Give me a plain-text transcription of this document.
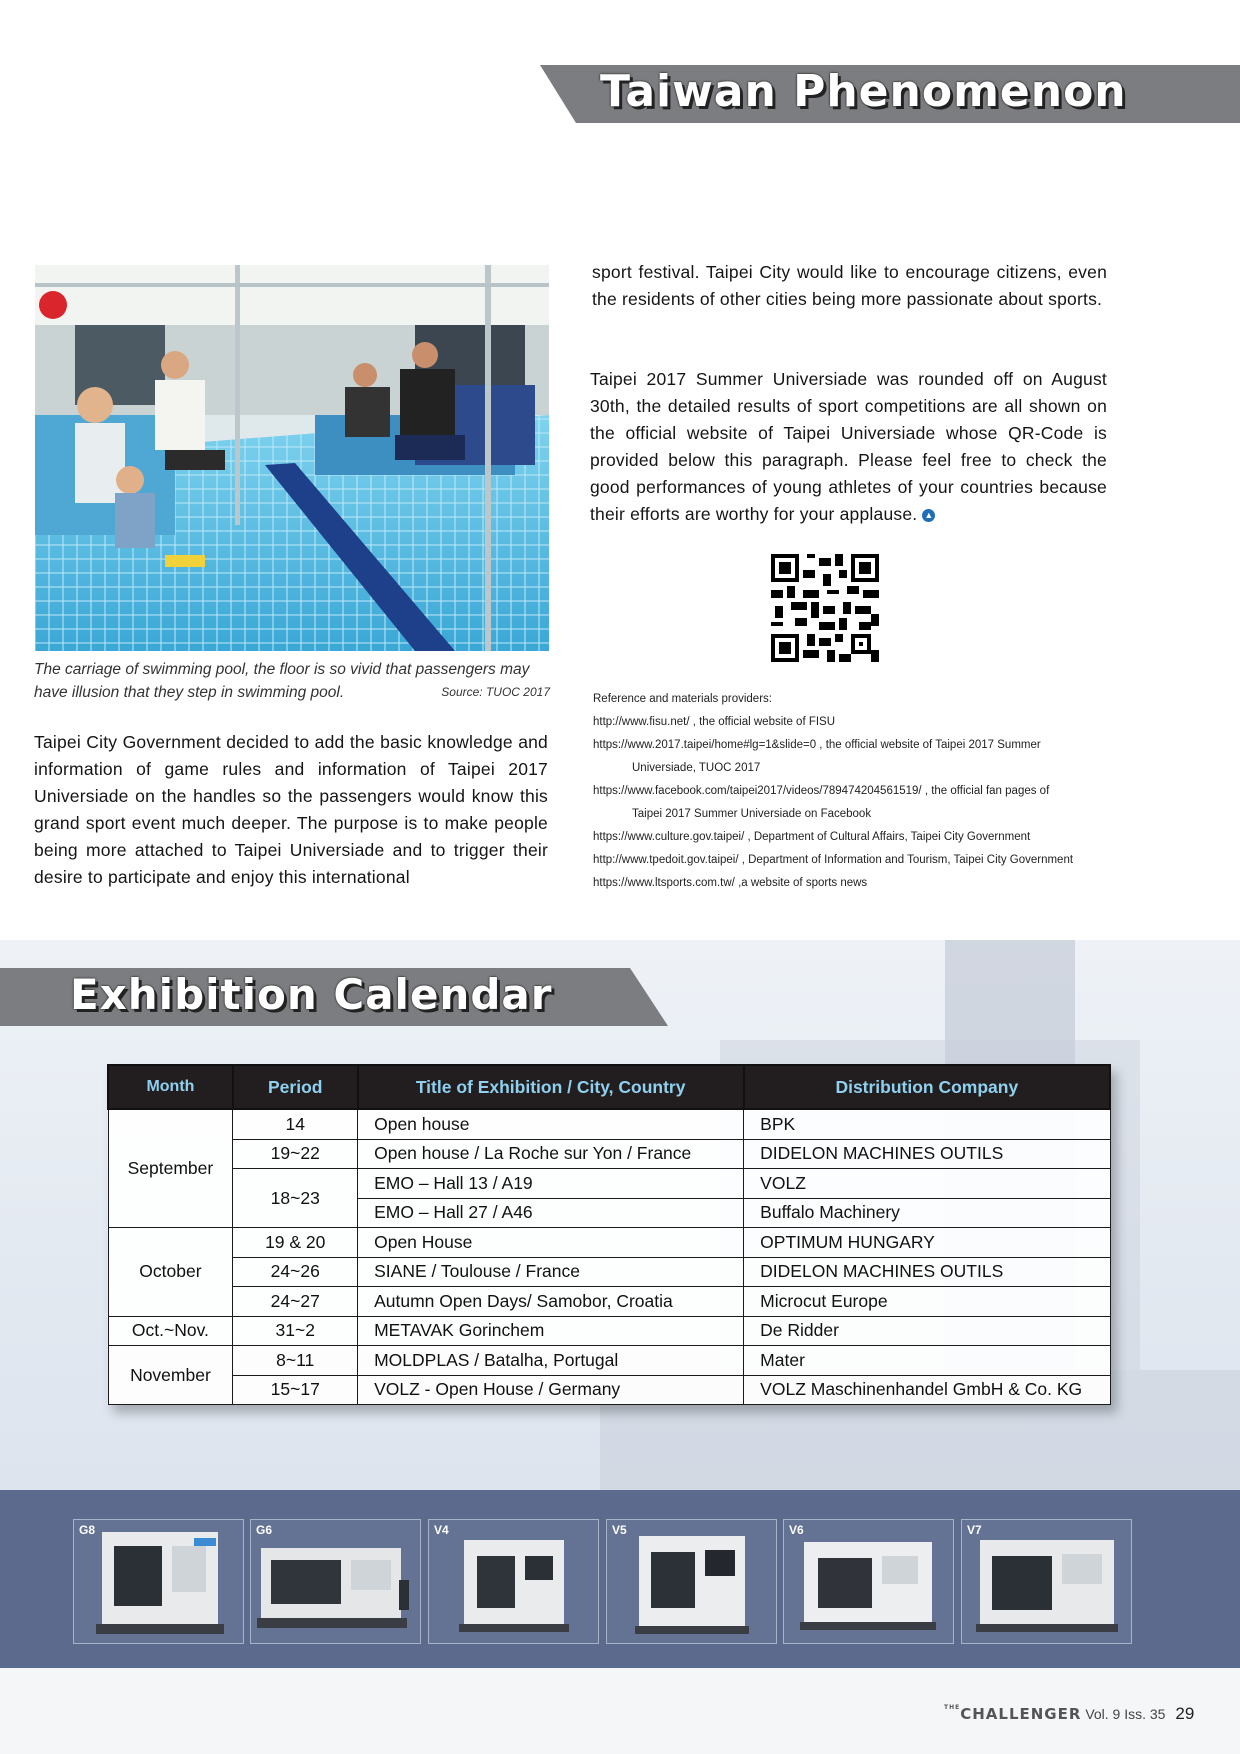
Taiwan Phenomenon
The carriage of swimming pool, the floor is so vivid that passengers may have illusion that they step in swimming pool.	Source: TUOC 2017
Taipei City Government decided to add the basic knowledge and information of game rules and information of Taipei 2017 Universiade on the handles so the passengers would know this grand sport event much deeper. The purpose is to make people being more attached to Taipei Universiade and to trigger their desire to participate and enjoy this international
sport festival. Taipei City would like to encourage citizens, even the residents of other cities being more passionate about sports.
Taipei 2017 Summer Universiade was rounded off on August 30th, the detailed results of sport competitions are all shown on the official website of Taipei Universiade whose QR-Code is provided below this paragraph. Please feel free to check the good performances of young athletes of your countries because their efforts are worthy for your applause. ▲
Reference and materials providers:
http://www.fisu.net/ , the official website of FISU
https://www.2017.taipei/home#lg=1&slide=0 , the official website of Taipei 2017 Summer
Universiade, TUOC 2017
https://www.facebook.com/taipei2017/videos/789474204561519/ , the official fan pages of
Taipei 2017 Summer Universiade on Facebook
https://www.culture.gov.taipei/ , Department of Cultural Affairs, Taipei City Government
http://www.tpedoit.gov.taipei/ , Department of Information and Tourism, Taipei City Government
https://www.ltsports.com.tw/ ,a website of sports news
Exhibition Calendar
Month	Period	Title of Exhibition / City, Country	Distribution Company
September	14	Open house	BPK
	19~22	Open house / La Roche sur Yon / France	DIDELON MACHINES OUTILS
	18~23	EMO – Hall 13 / A19	VOLZ
		EMO – Hall 27 / A46	Buffalo Machinery
October	19 & 20	Open House	OPTIMUM HUNGARY
	24~26	SIANE / Toulouse / France	DIDELON MACHINES OUTILS
	24~27	Autumn Open Days/ Samobor, Croatia	Microcut Europe
Oct.~Nov.	31~2	METAVAK Gorinchem	De Ridder
November	8~11	MOLDPLAS / Batalha, Portugal	Mater
	15~17	VOLZ - Open House / Germany	VOLZ Maschinenhandel GmbH & Co. KG
G8	G6	V4	V5	V6	V7
$^{THE}$CHALLENGER Vol. 9 Iss. 35 29
